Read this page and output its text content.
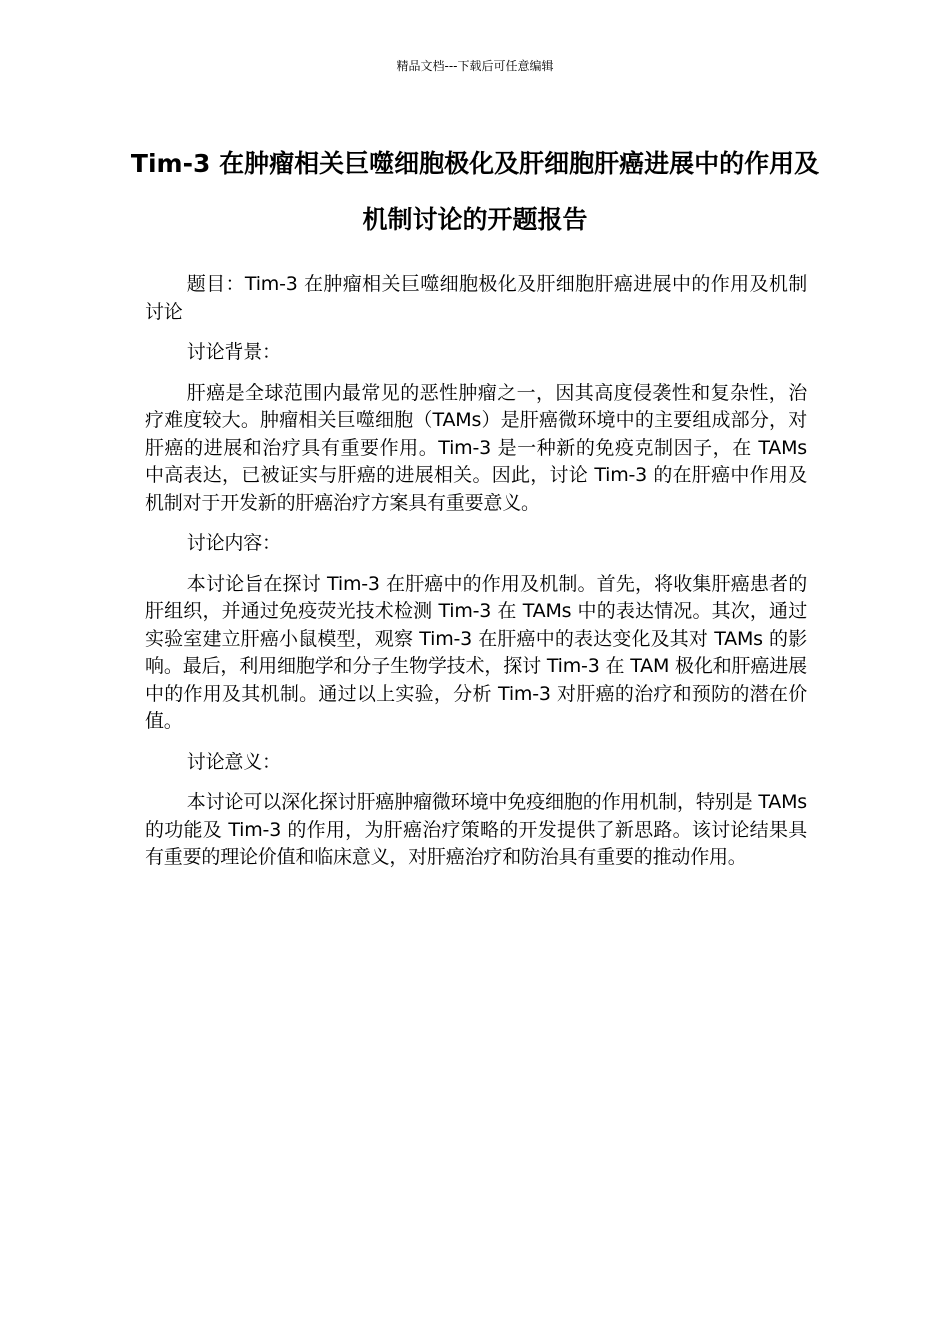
精品文档---下载后可任意编辑
Tim-3 在肿瘤相关巨噬细胞极化及肝细胞肝癌进展中的作用及机制讨论的开题报告

题目：Tim-3 在肿瘤相关巨噬细胞极化及肝细胞肝癌进展中的作用及机制讨论

讨论背景：

肝癌是全球范围内最常见的恶性肿瘤之一，因其高度侵袭性和复杂性，治疗难度较大。肿瘤相关巨噬细胞（TAMs）是肝癌微环境中的主要组成部分，对肝癌的进展和治疗具有重要作用。Tim-3 是一种新的免疫克制因子，在 TAMs 中高表达，已被证实与肝癌的进展相关。因此，讨论 Tim-3 的在肝癌中作用及机制对于开发新的肝癌治疗方案具有重要意义。

讨论内容：

本讨论旨在探讨 Tim-3 在肝癌中的作用及机制。首先，将收集肝癌患者的肝组织，并通过免疫荧光技术检测 Tim-3 在 TAMs 中的表达情况。其次，通过实验室建立肝癌小鼠模型，观察 Tim-3 在肝癌中的表达变化及其对 TAMs 的影响。最后，利用细胞学和分子生物学技术，探讨 Tim-3 在 TAM 极化和肝癌进展中的作用及其机制。通过以上实验，分析 Tim-3 对肝癌的治疗和预防的潜在价值。

讨论意义：

本讨论可以深化探讨肝癌肿瘤微环境中免疫细胞的作用机制，特别是 TAMs 的功能及 Tim-3 的作用，为肝癌治疗策略的开发提供了新思路。该讨论结果具有重要的理论价值和临床意义，对肝癌治疗和防治具有重要的推动作用。
